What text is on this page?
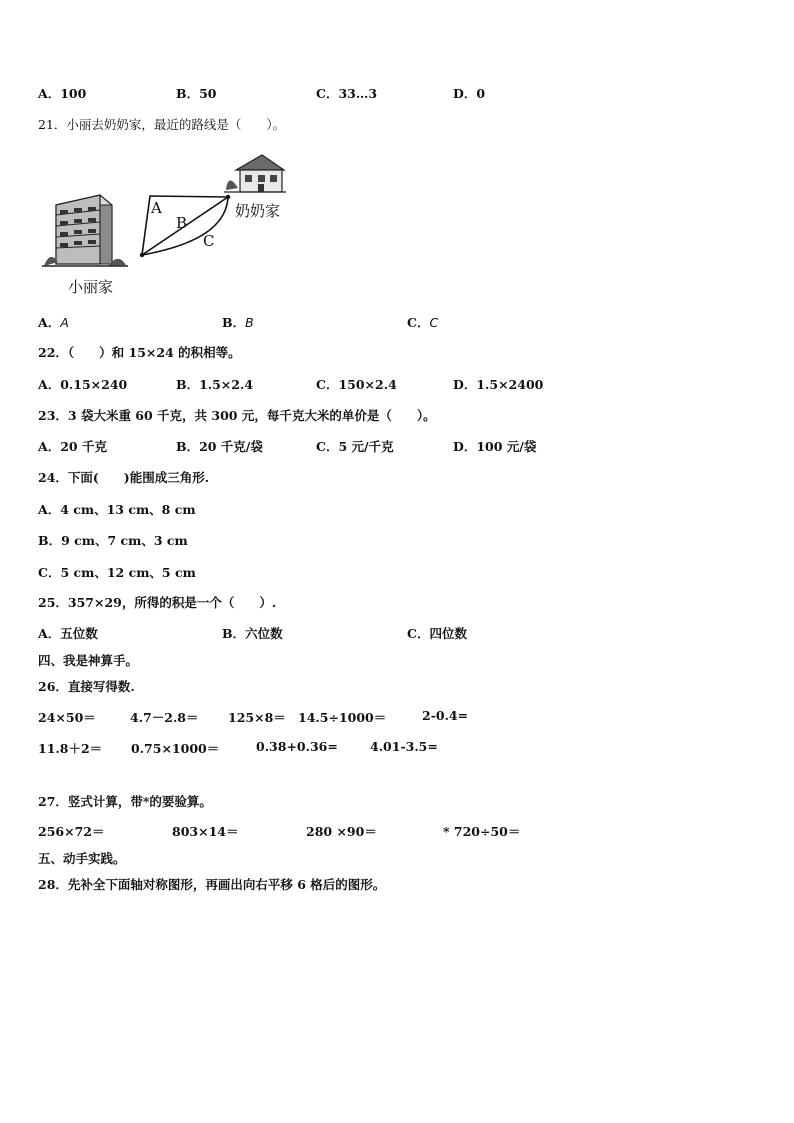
A．100	B．50	C．33…3	D．0
21．小丽去奶奶家，最近的路线是（　　）。
A
B
C
奶奶家
小丽家
A．A	B．B	C．C
22．（　　）和 15×24 的积相等。
A．0.15×240	B．1.5×2.4	C．150×2.4	D．1.5×2400
23．3 袋大米重 60 千克，共 300 元，每千克大米的单价是（　　）。
A．20 千克	B．20 千克/袋	C．5 元/千克	D．100 元/袋
24．下面(　　)能围成三角形.
A．4 cm、13 cm、8 cm
B．9 cm、7 cm、3 cm
C．5 cm、12 cm、5 cm
25．357×29，所得的积是一个（　　）.
A．五位数	B．六位数	C．四位数
四、我是神算手。
26．直接写得数.
24×50＝	4.7－2.8＝ 125×8＝ 14.5÷1000＝	2-0.4=
11.8＋2＝ 0.75×1000＝	0.38+0.36=	4.01-3.5=
27．竖式计算，带*的要验算。
256×72＝	803×14＝	280 ×90＝	* 720÷50＝
五、动手实践。
28．先补全下面轴对称图形，再画出向右平移 6 格后的图形。
